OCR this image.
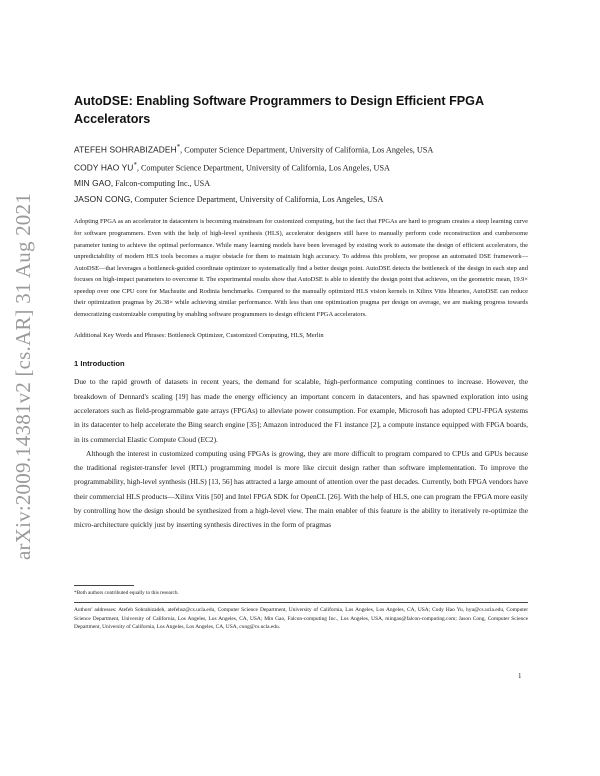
arXiv:2009.14381v2 [cs.AR] 31 Aug 2021
AutoDSE: Enabling Software Programmers to Design Efficient FPGA Accelerators

ATEFEH SOHRABIZADEH*, Computer Science Department, University of California, Los Angeles, USA

CODY HAO YU*, Computer Science Department, University of California, Los Angeles, USA

MIN GAO, Falcon-computing Inc., USA

JASON CONG, Computer Science Department, University of California, Los Angeles, USA

Adopting FPGA as an accelerator in datacenters is becoming mainstream for customized computing, but the fact that FPGAs are hard to program creates a steep learning curve for software programmers. Even with the help of high-level synthesis (HLS), accelerator designers still have to manually perform code reconstruction and cumbersome parameter tuning to achieve the optimal performance. While many learning models have been leveraged by existing work to automate the design of efficient accelerators, the unpredictability of modern HLS tools becomes a major obstacle for them to maintain high accuracy. To address this problem, we propose an automated DSE framework—AutoDSE—that leverages a bottleneck-guided coordinate optimizer to systematically find a better design point. AutoDSE detects the bottleneck of the design in each step and focuses on high-impact parameters to overcome it. The experimental results show that AutoDSE is able to identify the design point that achieves, on the geometric mean, 19.9× speedup over one CPU core for Machsuite and Rodinia benchmarks. Compared to the manually optimized HLS vision kernels in Xilinx Vitis libraries, AutoDSE can reduce their optimization pragmas by 26.38× while achieving similar performance. With less than one optimization pragma per design on average, we are making progress towards democratizing customizable computing by enabling software programmers to design efficient FPGA accelerators.

Additional Key Words and Phrases: Bottleneck Optimizer, Customized Computing, HLS, Merlin
1 Introduction

Due to the rapid growth of datasets in recent years, the demand for scalable, high-performance computing continues to increase. However, the breakdown of Dennard's scaling [19] has made the energy efficiency an important concern in datacenters, and has spawned exploration into using accelerators such as field-programmable gate arrays (FPGAs) to alleviate power consumption. For example, Microsoft has adopted CPU-FPGA systems in its datacenter to help accelerate the Bing search engine [35]; Amazon introduced the F1 instance [2], a compute instance equipped with FPGA boards, in its commercial Elastic Compute Cloud (EC2).

Although the interest in customized computing using FPGAs is growing, they are more difficult to program compared to CPUs and GPUs because the traditional register-transfer level (RTL) programming model is more like circuit design rather than software implementation. To improve the programmability, high-level synthesis (HLS) [13, 56] has attracted a large amount of attention over the past decades. Currently, both FPGA vendors have their commercial HLS products—Xilinx Vitis [50] and Intel FPGA SDK for OpenCL [26]. With the help of HLS, one can program the FPGA more easily by controlling how the design should be synthesized from a high-level view. The main enabler of this feature is the ability to iteratively re-optimize the micro-architecture quickly just by inserting synthesis directives in the form of pragmas

*Both authors contributed equally to this research.
Authors' addresses: Atefeh Sohrabizadeh, atefehsz@cs.ucla.edu, Computer Science Department, University of California, Los Angeles, Los Angeles, CA, USA; Cody Hao Yu, hyu@cs.ucla.edu, Computer Science Department, University of California, Los Angeles, Los Angeles, CA, USA; Min Gao, Falcon-computing Inc., Los Angeles, USA, mingao@falcon-computing.com; Jason Cong, Computer Science Department, University of California, Los Angeles, Los Angeles, CA, USA, cong@cs.ucla.edu.
1
